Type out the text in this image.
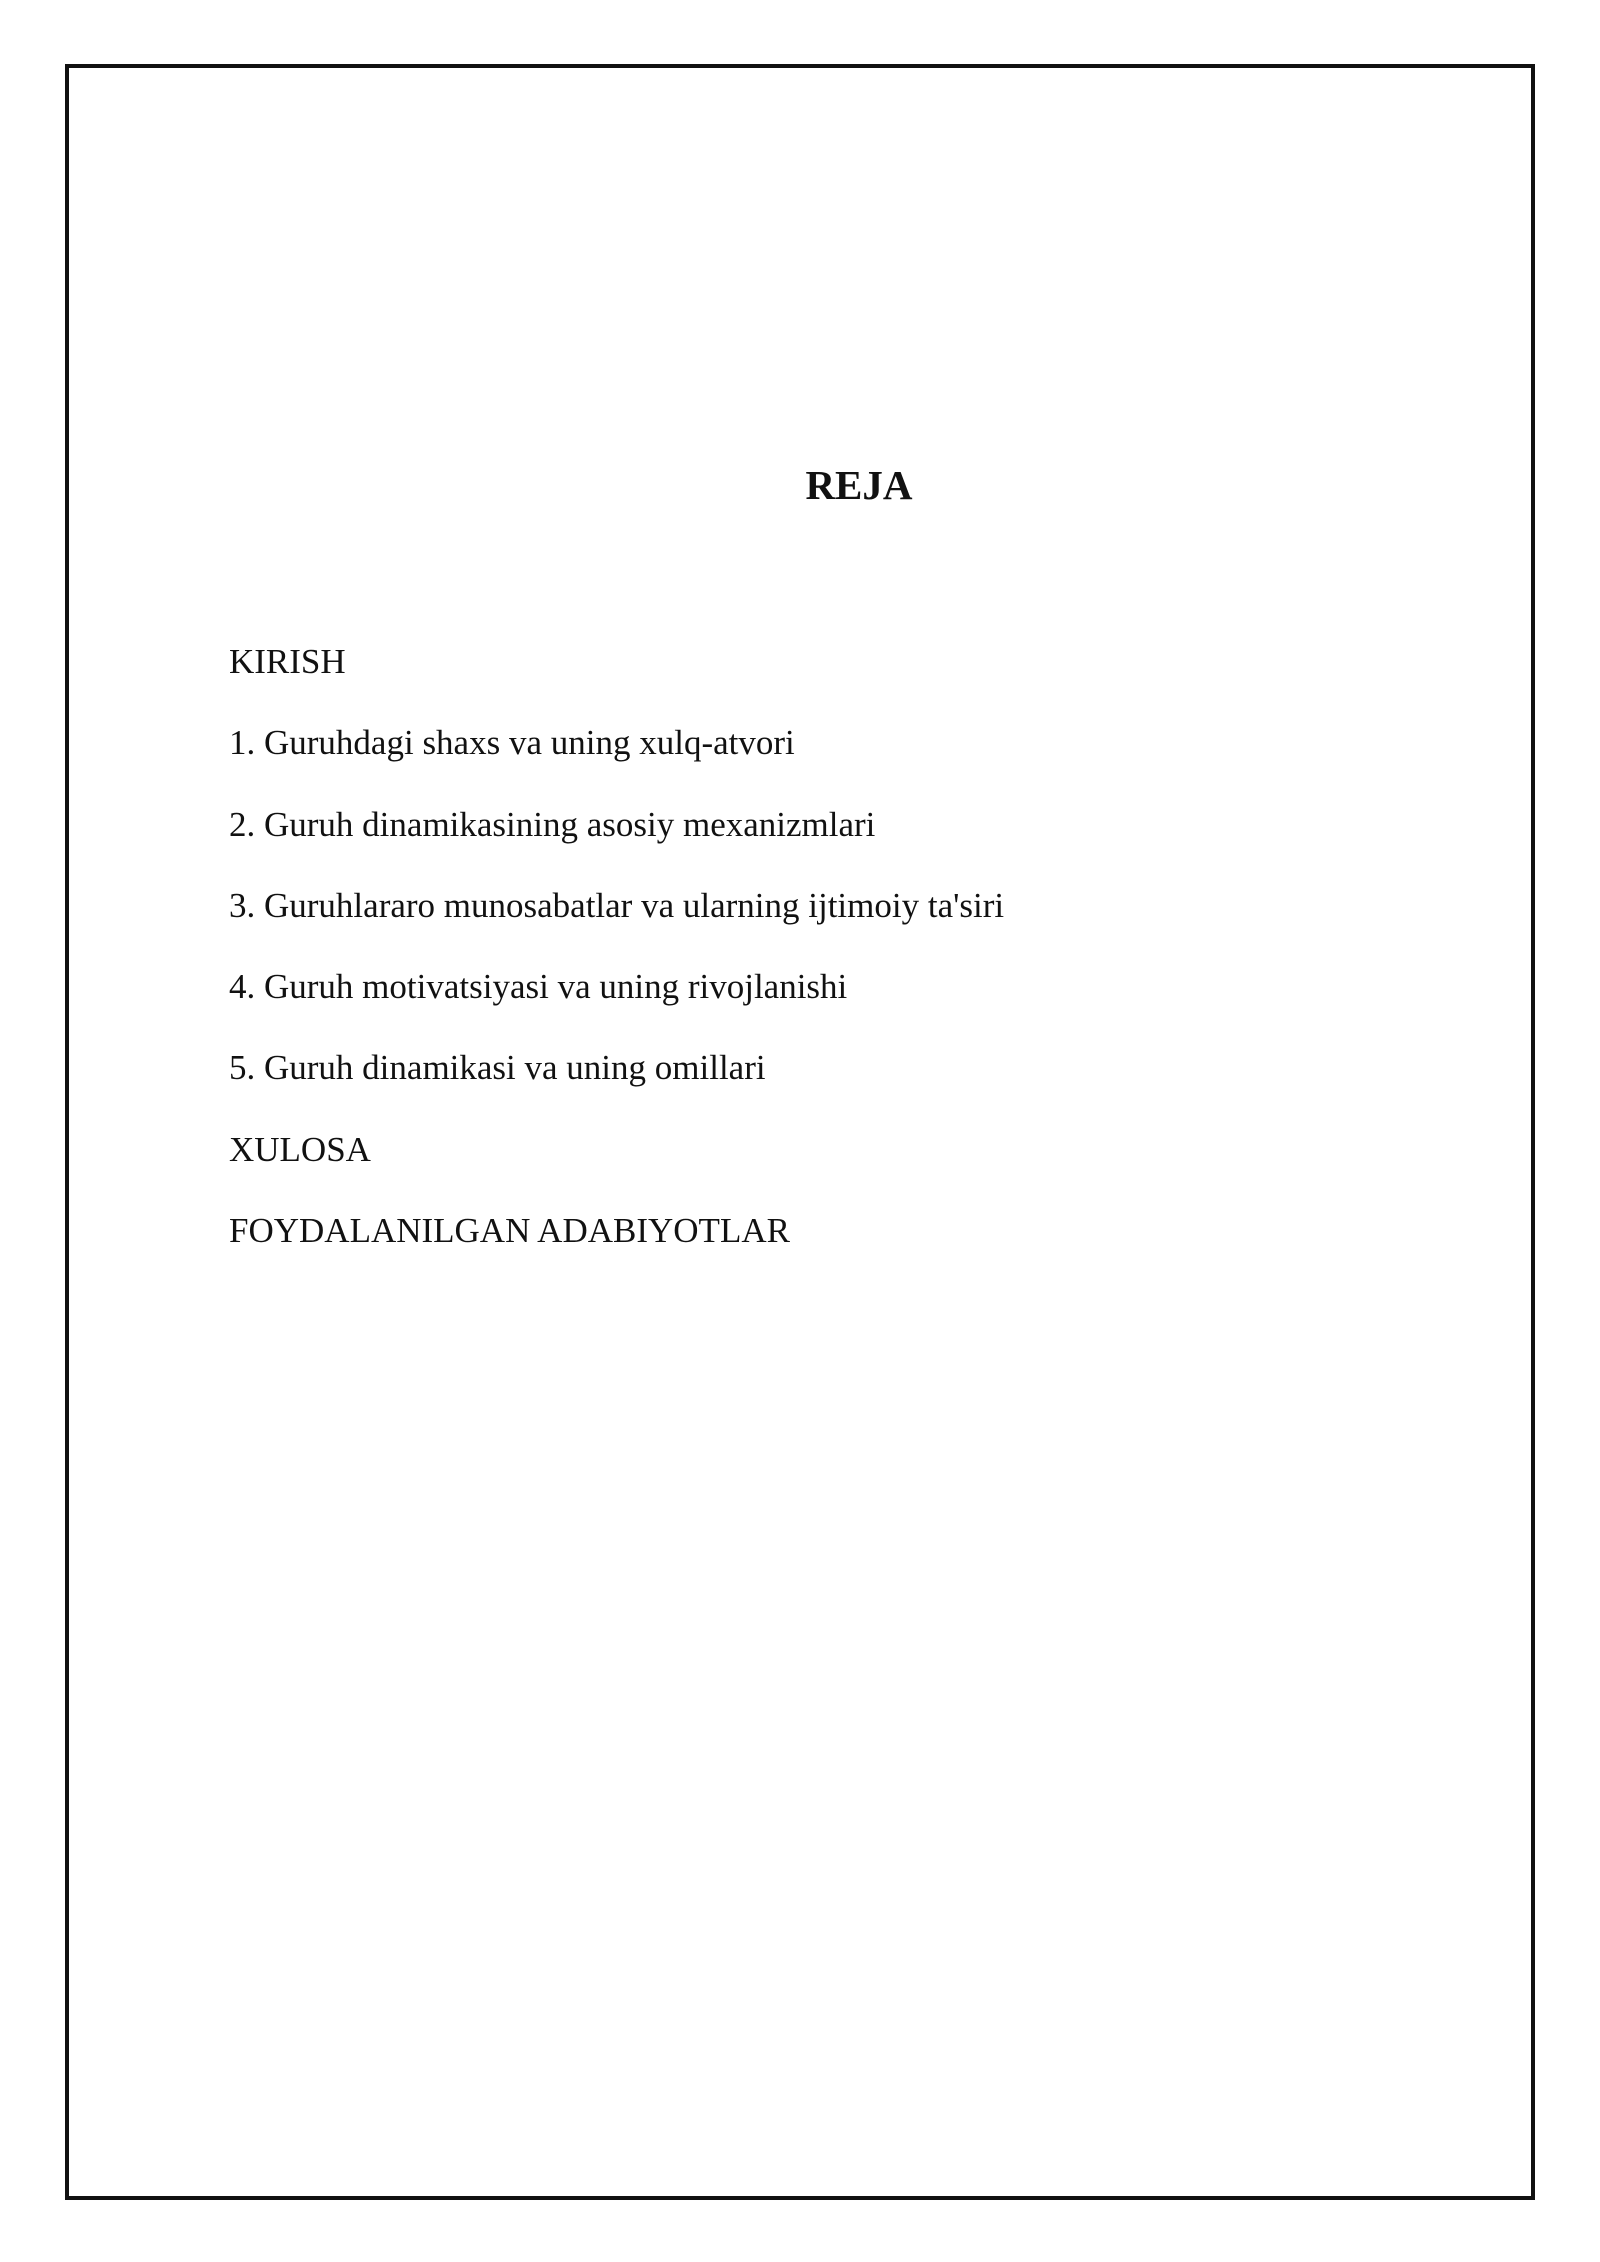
REJA
KIRISH
1. Guruhdagi shaxs va uning xulq-atvori
2. Guruh dinamikasining asosiy mexanizmlari
3. Guruhlararo munosabatlar va ularning ijtimoiy ta'siri
4. Guruh motivatsiyasi va uning rivojlanishi
5. Guruh dinamikasi va uning omillari
XULOSA
FOYDALANILGAN ADABIYOTLAR
